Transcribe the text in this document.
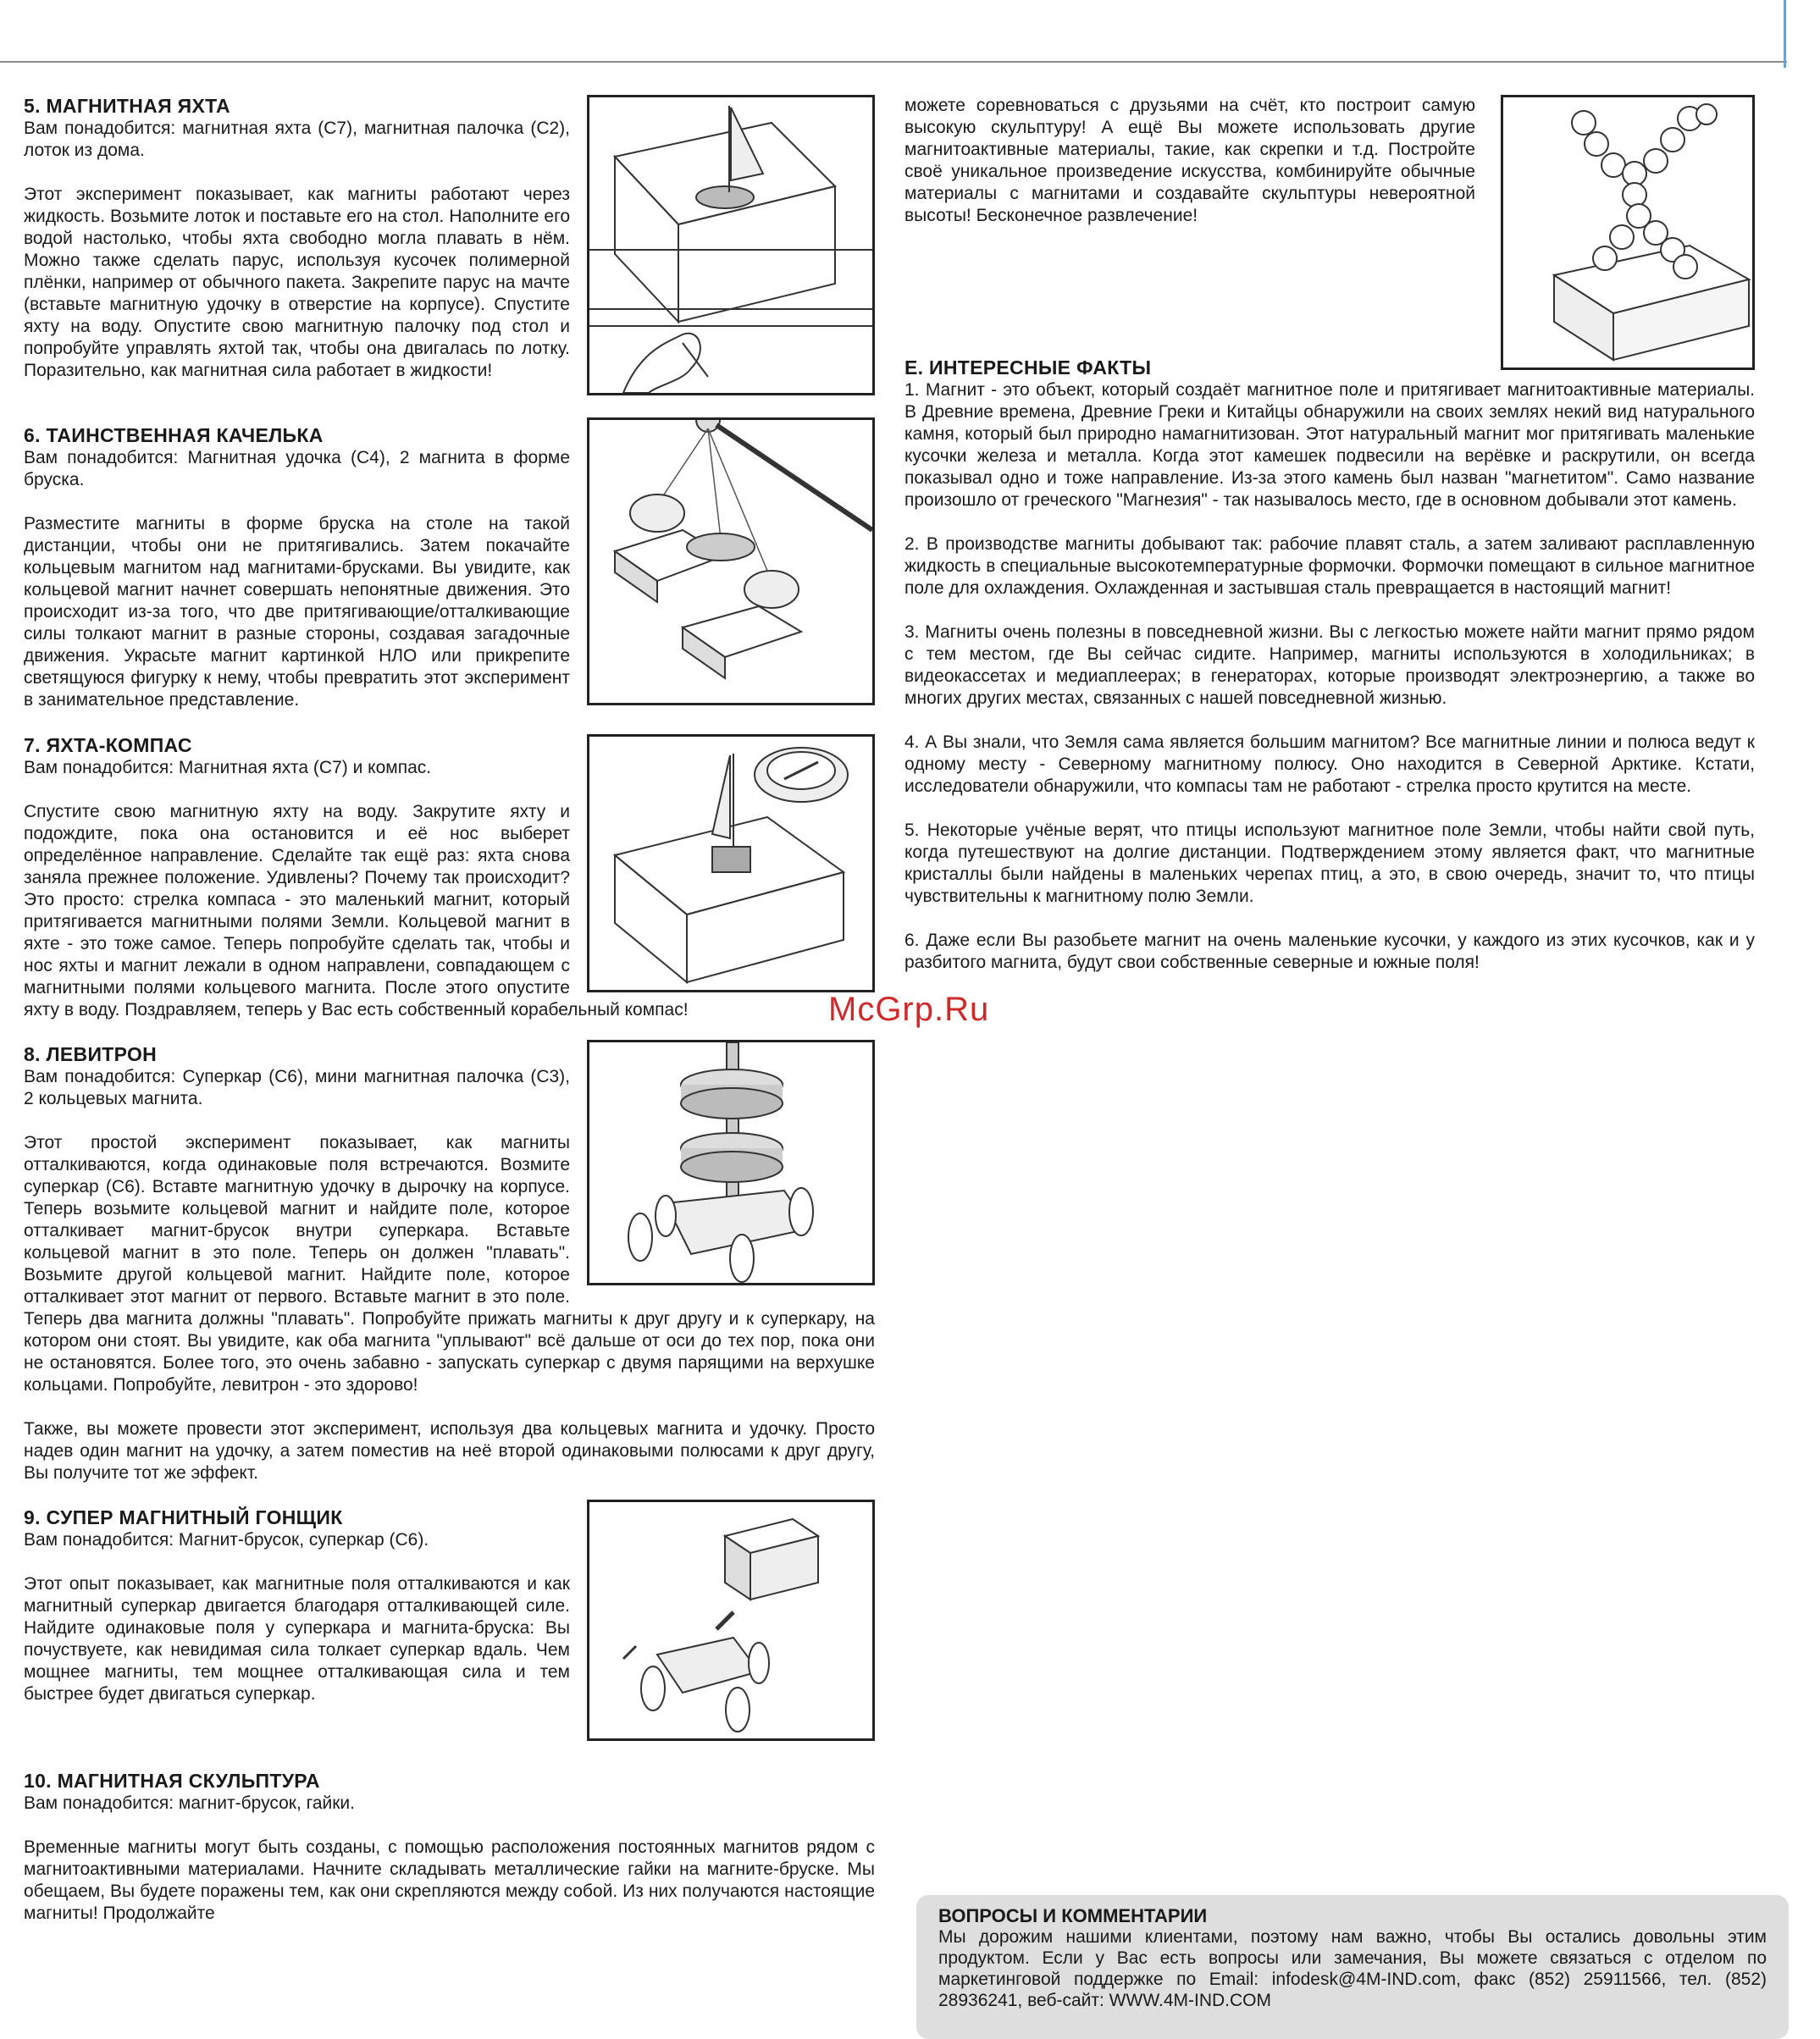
5. МАГНИТНАЯ ЯХТА

Вам понадобится: магнитная яхта (С7), магнитная палочка (С2), лоток из дома.

Этот эксперимент показывает, как магниты работают через жидкость. Возьмите лоток и поставьте его на стол. Наполните его водой настолько, чтобы яхта свободно могла плавать в нём. Можно также сделать парус, используя кусочек полимерной плёнки, например от обычного пакета. Закрепите парус на мачте (вставьте магнитную удочку в отверстие на корпусе). Спустите яхту на воду. Опустите свою магнитную палочку под стол и попробуйте управлять яхтой так, чтобы она двигалась по лотку. Поразительно, как магнитная сила работает в жидкости!

6. ТАИНСТВЕННАЯ КАЧЕЛЬКА

Вам понадобится: Магнитная удочка (С4), 2 магнита в форме бруска.

Разместите магниты в форме бруска на столе на такой дистанции, чтобы они не притягивались. Затем покачайте кольцевым магнитом над магнитами-брусками. Вы увидите, как кольцевой магнит начнет совершать непонятные движения. Это происходит из-за того, что две притягивающие/отталкивающие силы толкают магнит в разные стороны, создавая загадочные движения. Украсьте магнит картинкой НЛО или прикрепите светящуюся фигурку к нему, чтобы превратить этот эксперимент в занимательное представление.

7. ЯХТА-КОМПАС

Вам понадобится: Магнитная яхта (С7) и компас.

Спустите свою магнитную яхту на воду. Закрутите яхту и подождите, пока она остановится и её нос выберет определённое направление. Сделайте так ещё раз: яхта снова заняла прежнее положение. Удивлены? Почему так происходит? Это просто: стрелка компаса - это маленький магнит, который притягивается магнитными полями Земли. Кольцевой магнит в яхте - это тоже самое. Теперь попробуйте сделать так, чтобы и нос яхты и магнит лежали в одном направлени, совпадающем с магнитными полями кольцевого магнита. После этого опустите яхту в воду. Поздравляем, теперь у Вас есть собственный корабельный компас!

8. ЛЕВИТРОН

Вам понадобится: Суперкар (С6), мини магнитная палочка (С3), 2 кольцевых магнита.

Этот простой эксперимент показывает, как магниты отталкиваются, когда одинаковые поля встречаются. Возмите суперкар (С6). Вставте магнитную удочку в дырочку на корпусе. Теперь возьмите кольцевой магнит и найдите поле, которое отталкивает магнит-брусок внутри суперкара. Вставьте кольцевой магнит в это поле. Теперь он должен "плавать". Возьмите другой кольцевой магнит. Найдите поле, которое отталкивает этот магнит от первого. Вставьте магнит в это поле. Теперь два магнита должны "плавать". Попробуйте прижать магниты к друг другу и к суперкару, на котором они стоят. Вы увидите, как оба магнита "уплывают" всё дальше от оси до тех пор, пока они не остановятся. Более того, это очень забавно - запускать суперкар с двумя парящими на верхушке кольцами. Попробуйте, левитрон - это здорово!

Также, вы можете провести этот эксперимент, используя два кольцевых магнита и удочку. Просто надев один магнит на удочку, а затем поместив на неё второй одинаковыми полюсами к друг другу, Вы получите тот же эффект.

9. СУПЕР МАГНИТНЫЙ ГОНЩИК

Вам понадобится: Магнит-брусок, суперкар (С6).

Этот опыт показывает, как магнитные поля отталкиваются и как магнитный суперкар двигается благодаря отталкивающей силе. Найдите одинаковые поля у суперкара и магнита-бруска: Вы почуствуете, как невидимая сила толкает суперкар вдаль. Чем мощнее магниты, тем мощнее отталкивающая сила и тем быстрее будет двигаться суперкар.

10. МАГНИТНАЯ СКУЛЬПТУРА

Вам понадобится: магнит-брусок, гайки.

Временные магниты могут быть созданы, с помощью расположения постоянных магнитов рядом с магнитоактивными материалами. Начните складывать металлические гайки на магните-бруске. Мы обещаем, Вы будете поражены тем, как они скрепляются между собой. Из них получаются настоящие магниты! Продолжайте

можете соревноваться с друзьями на счёт, кто построит самую высокую скульптуру! А ещё Вы можете использовать другие магнитоактивные материалы, такие, как скрепки и т.д. Постройте своё уникальное произведение искусства, комбинируйте обычные материалы с магнитами и создавайте скульптуры невероятной высоты! Бесконечное развлечение!

Е. ИНТЕРЕСНЫЕ ФАКТЫ

1. Магнит - это объект, который создаёт магнитное поле и притягивает магнитоактивные материалы. В Древние времена, Древние Греки и Китайцы обнаружили на своих землях некий вид натурального камня, который был природно намагнитизован. Этот натуральный магнит мог притягивать маленькие кусочки железа и металла. Когда этот камешек подвесили на верёвке и раскрутили, он всегда показывал одно и тоже направление. Из-за этого камень был назван "магнетитом". Само название произошло от греческого "Магнезия" - так называлось место, где в основном добывали этот камень.

2. В производстве магниты добывают так: рабочие плавят сталь, а затем заливают расплавленную жидкость в специальные высокотемпературные формочки. Формочки помещают в сильное магнитное поле для охлаждения. Охлажденная и застывшая сталь превращается в настоящий магнит!

3. Магниты очень полезны в повседневной жизни. Вы с легкостью можете найти магнит прямо рядом с тем местом, где Вы сейчас сидите. Например, магниты используются в холодильниках; в видеокассетах и медиаплеерах; в генераторах, которые производят электроэнергию, а также во многих других местах, связанных с нашей повседневной жизнью.

4. А Вы знали, что Земля сама является большим магнитом? Все магнитные линии и полюса ведут к одному месту - Северному магнитному полюсу. Оно находится в Северной Арктике. Кстати, исследователи обнаружили, что компасы там не работают - стрелка просто крутится на месте.

5. Некоторые учёные верят, что птицы используют магнитное поле Земли, чтобы найти свой путь, когда путешествуют на долгие дистанции. Подтверждением этому является факт, что магнитные кристаллы были найдены в маленьких черепах птиц, а это, в свою очередь, значит то, что птицы чувствительны к магнитному полю Земли.

6. Даже если Вы разобьете магнит на очень маленькие кусочки, у каждого из этих кусочков, как и у разбитого магнита, будут свои собственные северные и южные поля!

McGrp.Ru
ВОПРОСЫ И КОММЕНТАРИИ

Мы дорожим нашими клиентами, поэтому нам важно, чтобы Вы остались довольны этим продуктом. Если у Вас есть вопросы или замечания, Вы можете связаться с отделом по маркетинговой поддержке по Email: infodesk@4M-IND.com, факс (852) 25911566, тел. (852) 28936241, веб-сайт: WWW.4M-IND.COM
